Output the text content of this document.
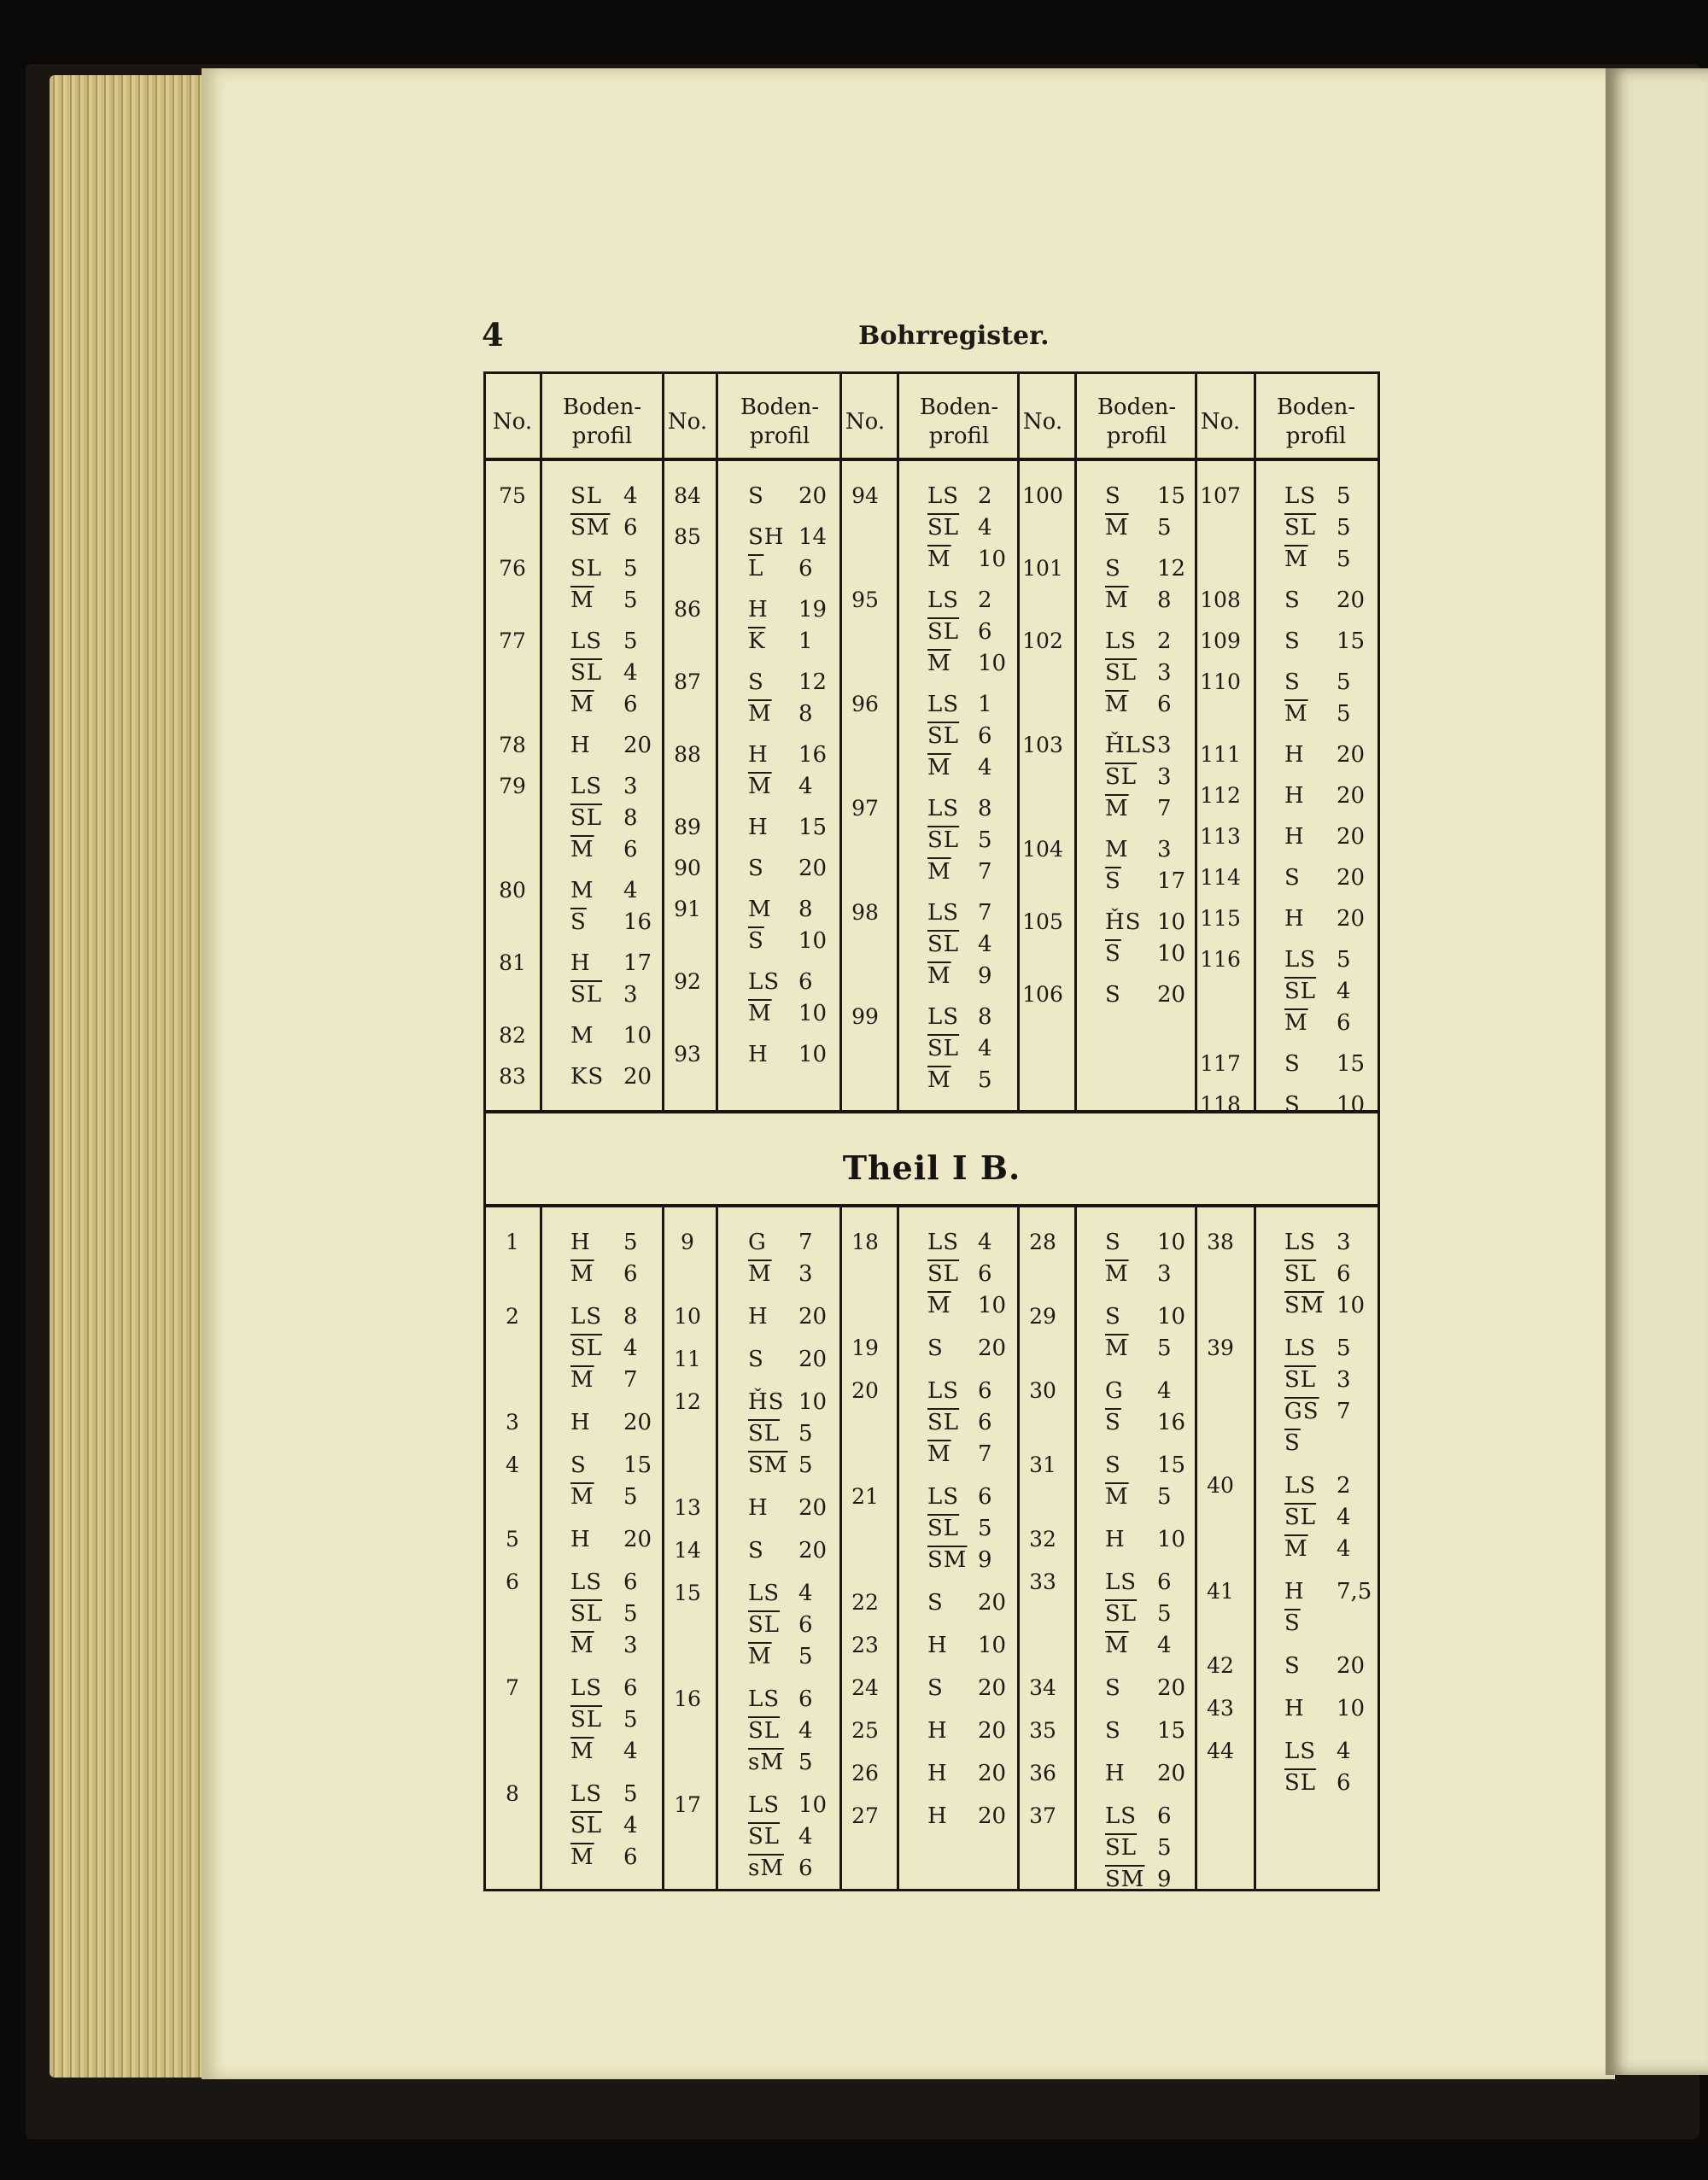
4	Bohrregister.
Theil I B.
No.
Boden-
profil
No.
Boden-
profil
No.
Boden-
profil
No.
Boden-
profil
No.
Boden-
profil
75	SL 4
$\overline{SM}$ 6
76	SL 5
$\overline{M}$ 5
77	LS 5
$\overline{SL}$ 4
$\overline{M}$ 6
78	H 20
79	LS 3
$\overline{SL}$ 8
$\overline{M}$ 6
80	M 4
$\overline{S}$ 16
81	H 17
$\overline{SL}$ 3
82	M 10
83	KS 20
84	S 20
85	SH 14
$\overline{L}$ 6
86	H 19
$\overline{K}$ 1
87	S 12
$\overline{M}$ 8
88	H 16
$\overline{M}$ 4
89	H 15
90	S 20
91	M 8
$\overline{S}$ 10
92	LS 6
$\overline{M}$ 10
93	H 10
94	LS 2
$\overline{SL}$ 4
$\overline{M}$ 10
95	LS 2
$\overline{SL}$ 6
$\overline{M}$ 10
96	LS 1
$\overline{SL}$ 6
$\overline{M}$ 4
97	LS 8
$\overline{SL}$ 5
$\overline{M}$ 7
98	LS 7
$\overline{SL}$ 4
$\overline{M}$ 9
99	LS 8
$\overline{SL}$ 4
$\overline{M}$ 5
100 S 15
$\overline{M}$ 5
101 S 12
$\overline{M}$ 8
102 LS 2
$\overline{SL}$ 3
$\overline{M}$ 6
103 ȞLS 3
$\overline{SL}$ 3
$\overline{M}$ 7
104 M 3
$\overline{S}$ 17
105 ȞS 10
$\overline{S}$ 10
106 S 20
107 LS 5
$\overline{SL}$ 5
$\overline{M}$ 5
108 S 20
109 S 15
110 S 5
$\overline{M}$ 5
111 H 20
112 H 20
113 H 20
114 S 20
115 H 20
116 LS 5
$\overline{SL}$ 4
$\overline{M}$ 6
117 S 15
118 S 10
1	H 5
$\overline{M}$ 6
2	LS 8
$\overline{SL}$ 4
$\overline{M}$ 7
3	H 20
4	S 15
$\overline{M}$ 5
5	H 20
6	LS 6
$\overline{SL}$ 5
$\overline{M}$ 3
7	LS 6
$\overline{SL}$ 5
$\overline{M}$ 4
8	LS 5
$\overline{SL}$ 4
$\overline{M}$ 6
9	G 7
$\overline{M}$ 3
10	H 20
11	S 20
12	ȞS 10
$\overline{SL}$ 5
$\overline{SM}$ 5
13	H 20
14	S 20
15	LS 4
$\overline{SL}$ 6
$\overline{M}$ 5
16	LS 6
$\overline{SL}$ 4
$\overline{sM}$ 5
17	LS 10
$\overline{SL}$ 4
$\overline{sM}$ 6
18	LS 4
$\overline{SL}$ 6
$\overline{M}$ 10
19	S 20
20	LS 6
$\overline{SL}$ 6
$\overline{M}$ 7
21	LS 6
$\overline{SL}$ 5
$\overline{SM}$ 9
22	S 20
23	H 10
24	S 20
25	H 20
26	H 20
27	H 20
28	S 10
$\overline{M}$ 3
29	S 10
$\overline{M}$ 5
30	G 4
$\overline{S}$ 16
31	S 15
$\overline{M}$ 5
32	H 10
33	LS 6
$\overline{SL}$ 5
$\overline{M}$ 4
34	S 20
35	S 15
36	H 20
37	LS 6
$\overline{SL}$ 5
$\overline{SM}$ 9
38	LS 3
$\overline{SL}$ 6
$\overline{SM}$ 10
39	LS 5
$\overline{SL}$ 3
$\overline{GS}$ 7
$\overline{S}$
40	LS 2
$\overline{SL}$ 4
$\overline{M}$ 4
41	H 7,5
$\overline{S}$
42	S 20
43	H 10
44	LS 4
$\overline{SL}$ 6
